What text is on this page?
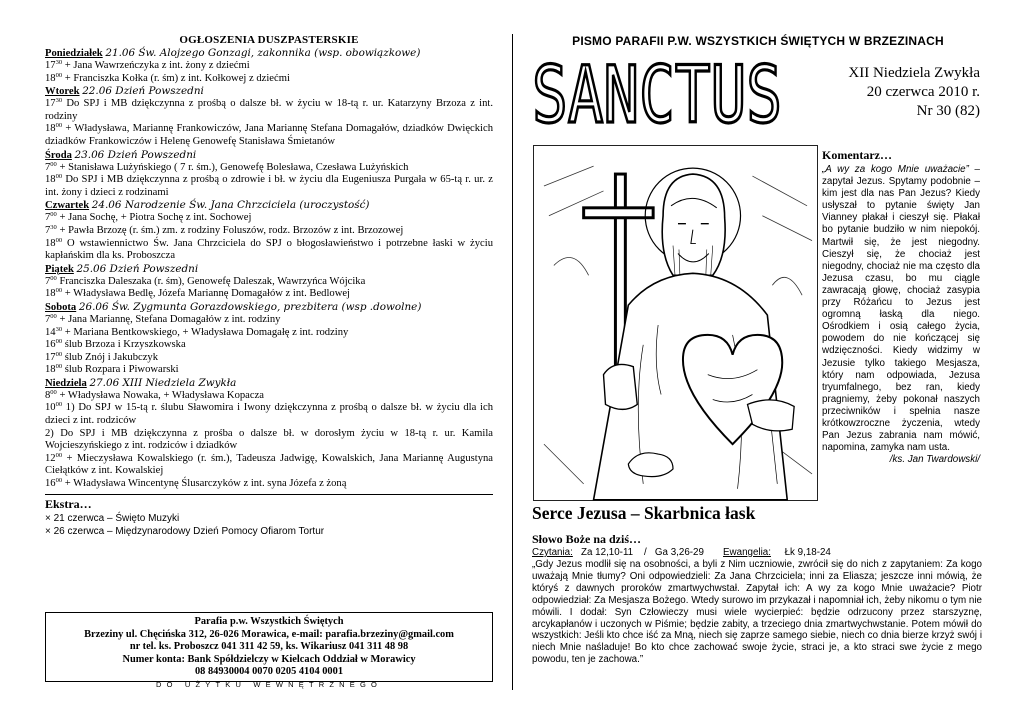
OGŁOSZENIA DUSZPASTERSKIE
Poniedziałek 21.06 Św. Alojzego Gonzagi, zakonnika (wsp. obowiązkowe)
$17^{30}$ + Jana Wawrzeńczyka z int. żony z dziećmi
$18^{00}$ + Franciszka Kołka (r. śm) z int. Kołkowej z dziećmi
Wtorek 22.06 Dzień Powszedni
$17^{30}$ Do SPJ i MB dziękczynna z prośbą o dalsze bł. w życiu w 18-tą r. ur. Katarzyny Brzoza z int. rodziny
$18^{00}$ + Władysława, Mariannę Frankowiczów, Jana Mariannę Stefana Domagałów, dziadków Dwięckich dziadków Frankowiczów i Helenę Genowefę Stanisława Śmietanów
Środa 23.06 Dzień Powszedni
$7^{00}$ + Stanisława Lużyńskiego ( 7 r. śm.), Genowefę Bolesława, Czesława Lużyńskich
$18^{00}$ Do SPJ i MB dziękczynna z prośbą o zdrowie i bł. w życiu dla Eugeniusza Purgała w 65-tą r. ur. z int. żony i dzieci z rodzinami
Czwartek 24.06 Narodzenie Św. Jana Chrzciciela (uroczystość)
$7^{00}$ + Jana Sochę, + Piotra Sochę z int. Sochowej
$7^{30}$ + Pawła Brzozę (r. śm.) zm. z rodziny Foluszów, rodz. Brzozów z int. Brzozowej
$18^{00}$ O wstawiennictwo Św. Jana Chrzciciela do SPJ o błogosławieństwo i potrzebne łaski w życiu kapłańskim dla ks. Proboszcza
Piątek 25.06 Dzień Powszedni
$7^{00}$ Franciszka Daleszaka (r. śm), Genowefę Daleszak, Wawrzyńca Wójcika
$18^{00}$ + Władysława Bedlę, Józefa Mariannę Domagałów z int. Bedlowej
Sobota 26.06 Św. Zygmunta Gorazdowskiego, prezbitera (wsp .dowolne)
$7^{00}$ + Jana Mariannę, Stefana Domagałów z int. rodziny
$14^{30}$ + Mariana Bentkowskiego, + Władysława Domagałę z int. rodziny
$16^{00}$ ślub Brzoza i Krzyszkowska
$17^{00}$ ślub Znój i Jakubczyk
$18^{00}$ ślub Rozpara i Piwowarski
Niedziela 27.06 XIII Niedziela Zwykła
$8^{00}$ + Władysława Nowaka, + Władysława Kopacza
$10^{00}$ 1) Do SPJ w 15-tą r. ślubu Sławomira i Iwony dziękczynna z prośbą o dalsze bł. w życiu dla ich dzieci z int. rodziców
2) Do SPJ i MB dziękczynna z prośba o dalsze bł. w dorosłym życiu w 18-tą r. ur. Kamila Wojcieszyńskiego z int. rodziców i dziadków
$12^{00}$ + Mieczysława Kowalskiego (r. śm.), Tadeusza Jadwigę, Kowalskich, Jana Mariannę Augustyna Ciełątków z int. Kowalskiej
$16^{00}$ + Władysława Wincentynę Ślusarczyków z int. syna Józefa z żoną
Ekstra…
× 21 czerwca – Święto Muzyki
× 26 czerwca – Międzynarodowy Dzień Pomocy Ofiarom Tortur
Parafia p.w. Wszystkich Świętych
Brzeziny ul. Chęcińska 312, 26-026 Morawica, e-mail: parafia.brzeziny@gmail.com
nr tel. ks. Proboszcz 041 311 42 59, ks. Wikariusz 041 311 48 98
Numer konta: Bank Spółdzielczy w Kielcach Oddział w Morawicy
08 84930004 0070 0205 4104 0001
DO UŻYTKU WEWNĘTRZNEGO
PISMO PARAFII P.W. WSZYSTKICH ŚWIĘTYCH W BRZEZINACH
SANCTUS	XII Niedziela Zwykła
20 czerwca 2010 r.
Nr 30 (82)
Serce Jezusa – Skarbnica łask
Komentarz…
„A wy za kogo Mnie uważacie” – zapytał Jezus. Spytamy podobnie – kim jest dla nas Pan Jezus? Kiedy usłyszał to pytanie święty Jan Vianney płakał i cieszył się. Płakał bo pytanie budziło w nim niepokój. Martwił się, że jest niegodny. Cieszył się, że chociaż jest niegodny, chociaż nie ma często dla Jezusa czasu, bo mu ciągle zawracają głowę, chociaż zasypia przy Różańcu to Jezus jest ogromną łaską dla niego. Ośrodkiem i osią całego życia, powodem do nie kończącej się wdzięczności. Kiedy widzimy w Jezusie tylko takiego Mesjasza, który nam odpowiada, Jezusa tryumfalnego, bez ran, kiedy pragniemy, żeby pokonał naszych przeciwników i spełnia nasze krótkowzroczne życzenia, wtedy Pan Jezus zabrania nam mówić, napomina, zamyka nam usta.
/ks. Jan Twardowski/
Słowo Boże na dziś…
Czytania: Za 12,10-11 / Ga 3,26-29 Ewangelia: Łk 9,18-24
„Gdy Jezus modlił się na osobności, a byli z Nim uczniowie, zwrócił się do nich z zapytaniem: Za kogo uważają Mnie tłumy? Oni odpowiedzieli: Za Jana Chrzciciela; inni za Eliasza; jeszcze inni mówią, że któryś z dawnych proroków zmartwychwstał. Zapytał ich: A wy za kogo Mnie uważacie? Piotr odpowiedział: Za Mesjasza Bożego. Wtedy surowo im przykazał i napomniał ich, żeby nikomu o tym nie mówili. I dodał: Syn Człowieczy musi wiele wycierpieć: będzie odrzucony przez starszyznę, arcykapłanów i uczonych w Piśmie; będzie zabity, a trzeciego dnia zmartwychwstanie. Potem mówił do wszystkich: Jeśli kto chce iść za Mną, niech się zaprze samego siebie, niech co dnia bierze krzyż swój i niech Mnie naśladuje! Bo kto chce zachować swoje życie, straci je, a kto straci swe życie z mego powodu, ten je zachowa.”
